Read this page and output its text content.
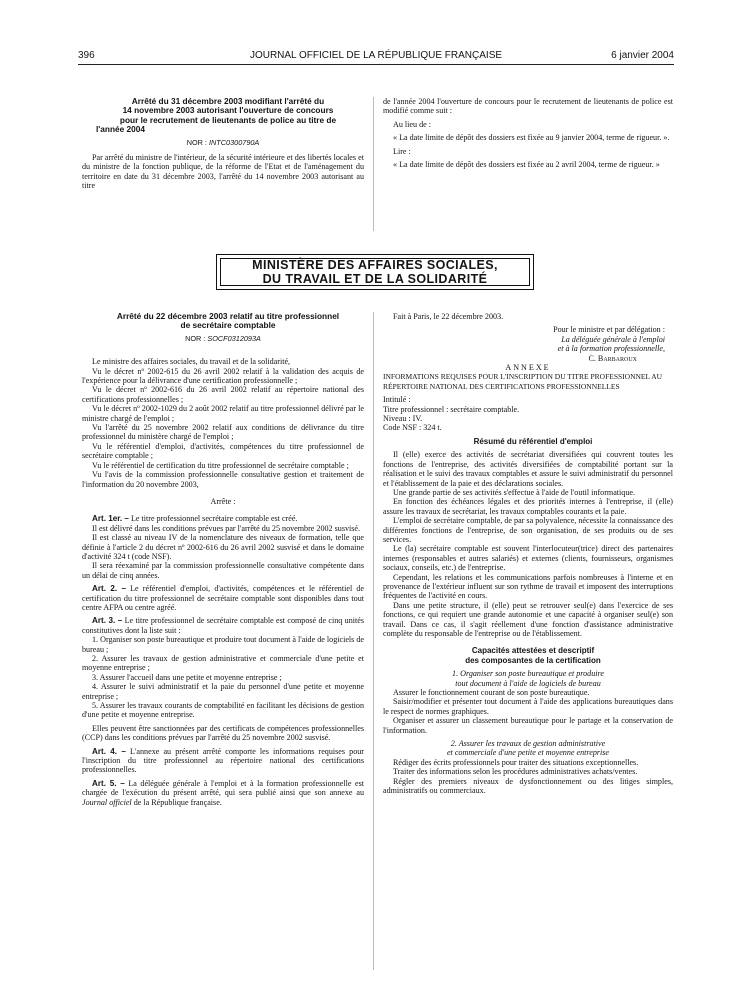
396	JOURNAL OFFICIEL DE LA RÉPUBLIQUE FRANÇAISE	6 janvier 2004

Arrêté du 31 décembre 2003 modifiant l'arrêté du

14 novembre 2003 autorisant l'ouverture de concours

pour le recrutement de lieutenants de police au titre de

l'année 2004

NOR : INTC0300790A

Par arrêté du ministre de l'intérieur, de la sécurité intérieure et des libertés locales et du ministre de la fonction publique, de la réforme de l'Etat et de l'aménagement du territoire en date du 31 décembre 2003, l'arrêté du 14 novembre 2003 autorisant au titre

de l'année 2004 l'ouverture de concours pour le recrutement de lieutenants de police est modifié comme suit :

Au lieu de :

« La date limite de dépôt des dossiers est fixée au 9 janvier 2004, terme de rigueur. ».

Lire :

« La date limite de dépôt des dossiers est fixée au 2 avril 2004, terme de rigueur. »

MINISTÈRE DES AFFAIRES SOCIALES,
DU TRAVAIL ET DE LA SOLIDARITÉ

Arrêté du 22 décembre 2003 relatif au titre professionnel

de secrétaire comptable

NOR : SOCF0312093A

Le ministre des affaires sociales, du travail et de la solidarité,

Vu le décret nº 2002-615 du 26 avril 2002 relatif à la validation des acquis de l'expérience pour la délivrance d'une certification professionnelle ;

Vu le décret nº 2002-616 du 26 avril 2002 relatif au répertoire national des certifications professionnelles ;

Vu le décret nº 2002-1029 du 2 août 2002 relatif au titre professionnel délivré par le ministre chargé de l'emploi ;

Vu l'arrêté du 25 novembre 2002 relatif aux conditions de délivrance du titre professionnel du ministère chargé de l'emploi ;

Vu le référentiel d'emploi, d'activités, compétences du titre professionnel de secrétaire comptable ;

Vu le référentiel de certification du titre professionnel de secrétaire comptable ;

Vu l'avis de la commission professionnelle consultative gestion et traitement de l'information du 20 novembre 2003,

Arrête :

Art. 1er. – Le titre professionnel secrétaire comptable est créé.

Il est délivré dans les conditions prévues par l'arrêté du 25 novembre 2002 susvisé.

Il est classé au niveau IV de la nomenclature des niveaux de formation, telle que définie à l'article 2 du décret nº 2002-616 du 26 avril 2002 susvisé et dans le domaine d'activité 324 t (code NSF).

Il sera réexaminé par la commission professionnelle consultative compétente dans un délai de cinq années.

Art. 2. – Le référentiel d'emploi, d'activités, compétences et le référentiel de certification du titre professionnel de secrétaire comptable sont disponibles dans tout centre AFPA ou centre agréé.

Art. 3. – Le titre professionnel de secrétaire comptable est composé de cinq unités constitutives dont la liste suit :

1. Organiser son poste bureautique et produire tout document à l'aide de logiciels de bureau ;

2. Assurer les travaux de gestion administrative et commerciale d'une petite et moyenne entreprise ;

3. Assurer l'accueil dans une petite et moyenne entreprise ;

4. Assurer le suivi administratif et la paie du personnel d'une petite et moyenne entreprise ;

5. Assurer les travaux courants de comptabilité en facilitant les décisions de gestion d'une petite et moyenne entreprise.

Elles peuvent être sanctionnées par des certificats de compétences professionnelles (CCP) dans les conditions prévues par l'arrêté du 25 novembre 2002 susvisé.

Art. 4. – L'annexe au présent arrêté comporte les informations requises pour l'inscription du titre professionnel au répertoire national des certifications professionnelles.

Art. 5. – La déléguée générale à l'emploi et à la formation professionnelle est chargée de l'exécution du présent arrêté, qui sera publié ainsi que son annexe au Journal officiel de la République française.

Fait à Paris, le 22 décembre 2003.

Pour le ministre et par délégation :

La déléguée générale à l'emploi

et à la formation professionnelle,

C. Barbaroux

ANNEXE

INFORMATIONS REQUISES POUR L'INSCRIPTION DU TITRE PROFESSIONNEL AU RÉPERTOIRE NATIONAL DES CERTIFICATIONS PROFESSIONNELLES

Intitulé :

Titre professionnel : secrétaire comptable.

Niveau : IV.

Code NSF : 324 t.

Résumé du référentiel d'emploi

Il (elle) exerce des activités de secrétariat diversifiées qui couvrent toutes les fonctions de l'entreprise, des activités diversifiées de comptabilité portant sur la réalisation et le suivi des travaux comptables et assure le suivi administratif du personnel et l'établissement de la paie et des déclarations sociales.

Une grande partie de ses activités s'effectue à l'aide de l'outil informatique.

En fonction des échéances légales et des priorités internes à l'entreprise, il (elle) assure les travaux de secrétariat, les travaux comptables courants et la paie.

L'emploi de secrétaire comptable, de par sa polyvalence, nécessite la connaissance des différentes fonctions de l'entreprise, de son organisation, de ses produits ou de ses services.

Le (la) secrétaire comptable est souvent l'interlocuteur(trice) direct des partenaires internes (responsables et autres salariés) et externes (clients, fournisseurs, organismes sociaux, conseils, etc.) de l'entreprise.

Cependant, les relations et les communications parfois nombreuses à l'interne et en provenance de l'extérieur influent sur son rythme de travail et imposent des interruptions fréquentes de l'activité en cours.

Dans une petite structure, il (elle) peut se retrouver seul(e) dans l'exercice de ses fonctions, ce qui requiert une grande autonomie et une capacité à organiser seul(e) son travail. Dans ce cas, il s'agit réellement d'une fonction d'assistance administrative complète du responsable de l'entreprise ou de l'établissement.

Capacités attestées et descriptif

des composantes de la certification

1. Organiser son poste bureautique et produire

tout document à l'aide de logiciels de bureau

Assurer le fonctionnement courant de son poste bureautique.

Saisir/modifier et présenter tout document à l'aide des applications bureautiques dans le respect de normes graphiques.

Organiser et assurer un classement bureautique pour le partage et la conservation de l'information.

2. Assurer les travaux de gestion administrative

et commerciale d'une petite et moyenne entreprise

Rédiger des écrits professionnels pour traiter des situations exceptionnelles.

Traiter des informations selon les procédures administratives achats/ventes.

Régler des premiers niveaux de dysfonctionnement ou des litiges simples, administratifs ou commerciaux.
